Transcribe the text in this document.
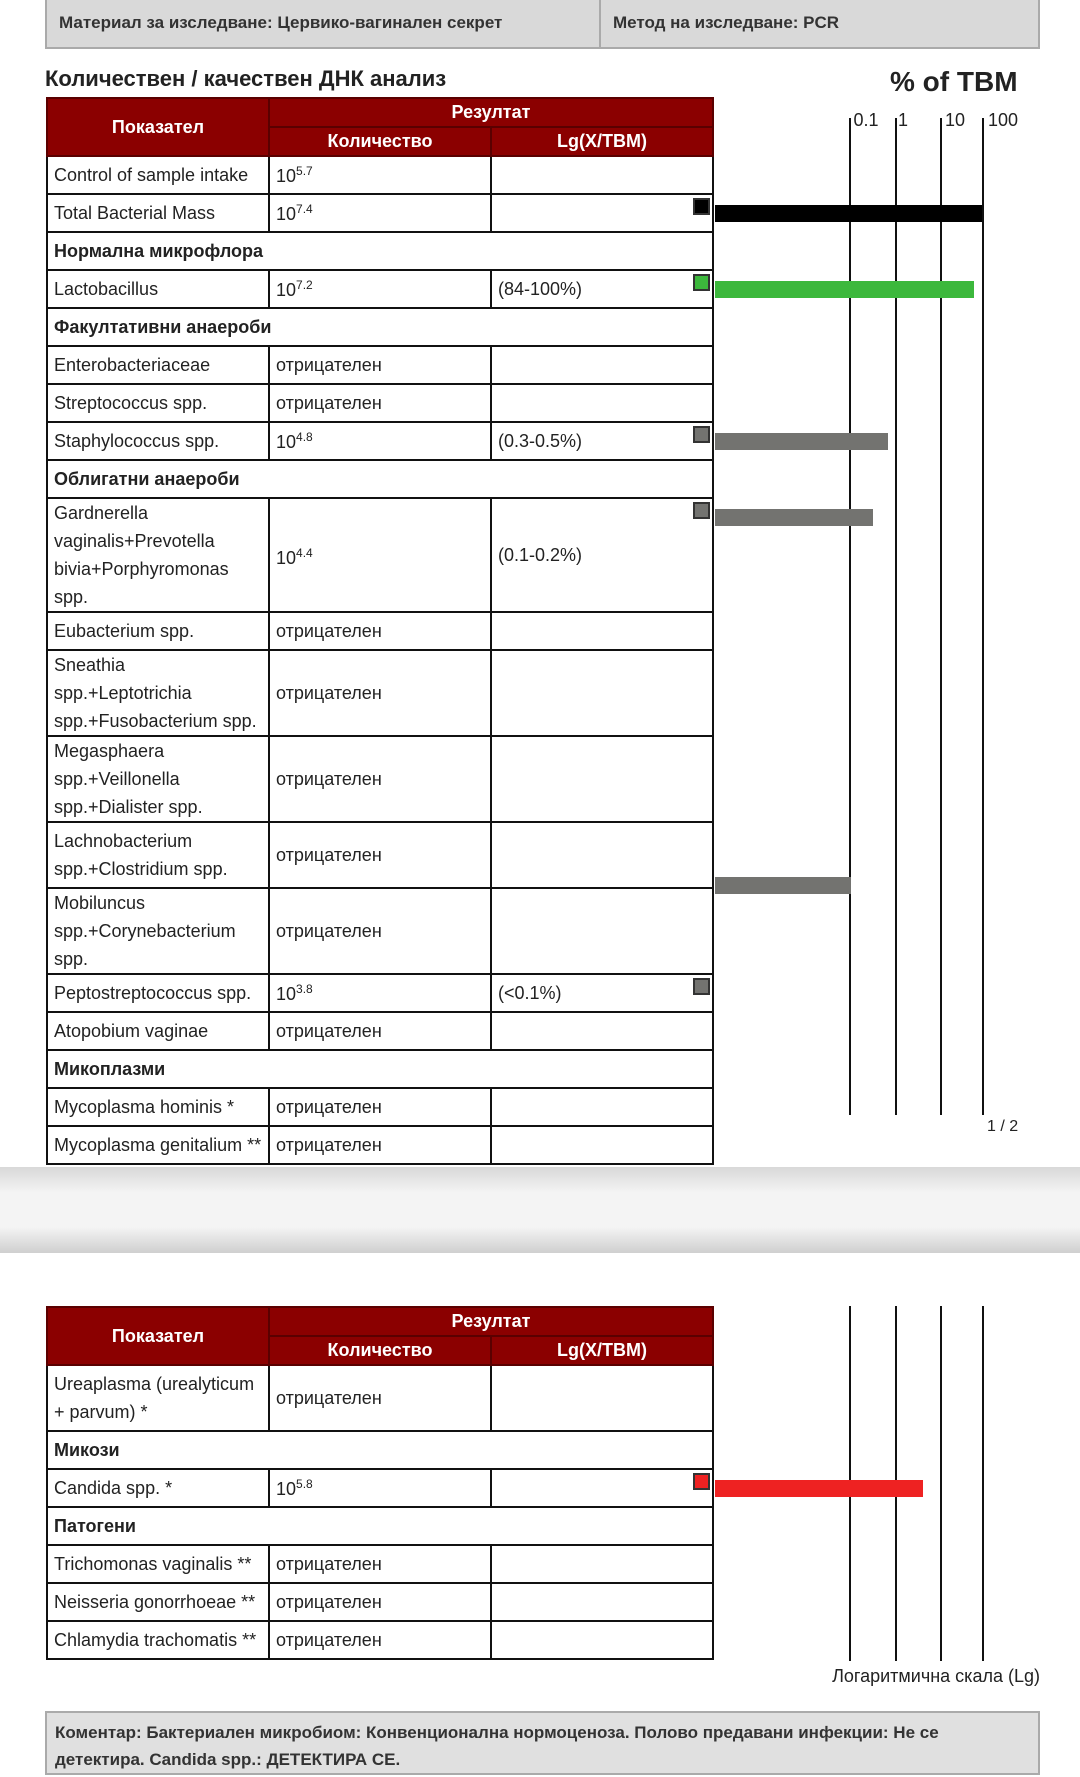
Материал за изследване: Цервико-вагинален секрет	Метод на изследване: PCR
Количествен / качествен ДНК анализ	% of TBM
0.1 1 10 100
Показател	Резултат	
	Количество	Lg(X/TBM)
Control of sample intake	$10^{5.7}$	
Total Bacterial Mass	$10^{7.4}$	

Нормална микрофлора		
Lactobacillus	$10^{7.2}$	(84-100%)

Факултативни анаероби		
Enterobacteriaceae	отрицателен	
Streptococcus spp.	отрицателен	
Staphylococcus spp.	$10^{4.8}$	(0.3-0.5%)

Облигатни анаероби		
Gardnerella vaginalis+Prevotella bivia+Porphyromonas spp.	$10^{4.4}$	(0.1-0.2%)

Eubacterium spp.	отрицателен	
Sneathia spp.+Leptotrichia spp.+Fusobacterium spp.	отрицателен	
Megasphaera spp.+Veillonella spp.+Dialister spp.	отрицателен	
Lachnobacterium spp.+Clostridium spp.	отрицателен	
Mobiluncus spp.+Corynebacterium spp.	отрицателен	
Peptostreptococcus spp.	$10^{3.8}$	(<0.1%)

Atopobium vaginae	отрицателен	
Микоплазми		
Mycoplasma hominis *	отрицателен	
Mycoplasma genitalium **	отрицателен	
1 / 2
Показател	Резултат	
	Количество	Lg(X/TBM)
Ureaplasma (urealyticum + parvum) *	отрицателен	
Микози		
Candida spp. *	$10^{5.8}$	

Патогени		
Trichomonas vaginalis **	отрицателен	
Neisseria gonorrhoeae **	отрицателен	
Chlamydia trachomatis **	отрицателен	
Логаритмична скала (Lg)
Коментар: Бактериален микробиом: Конвенционална нормоценоза. Полово предавани инфекции: Не се детектира. Candida spp.: ДЕТЕКТИРА СЕ.
